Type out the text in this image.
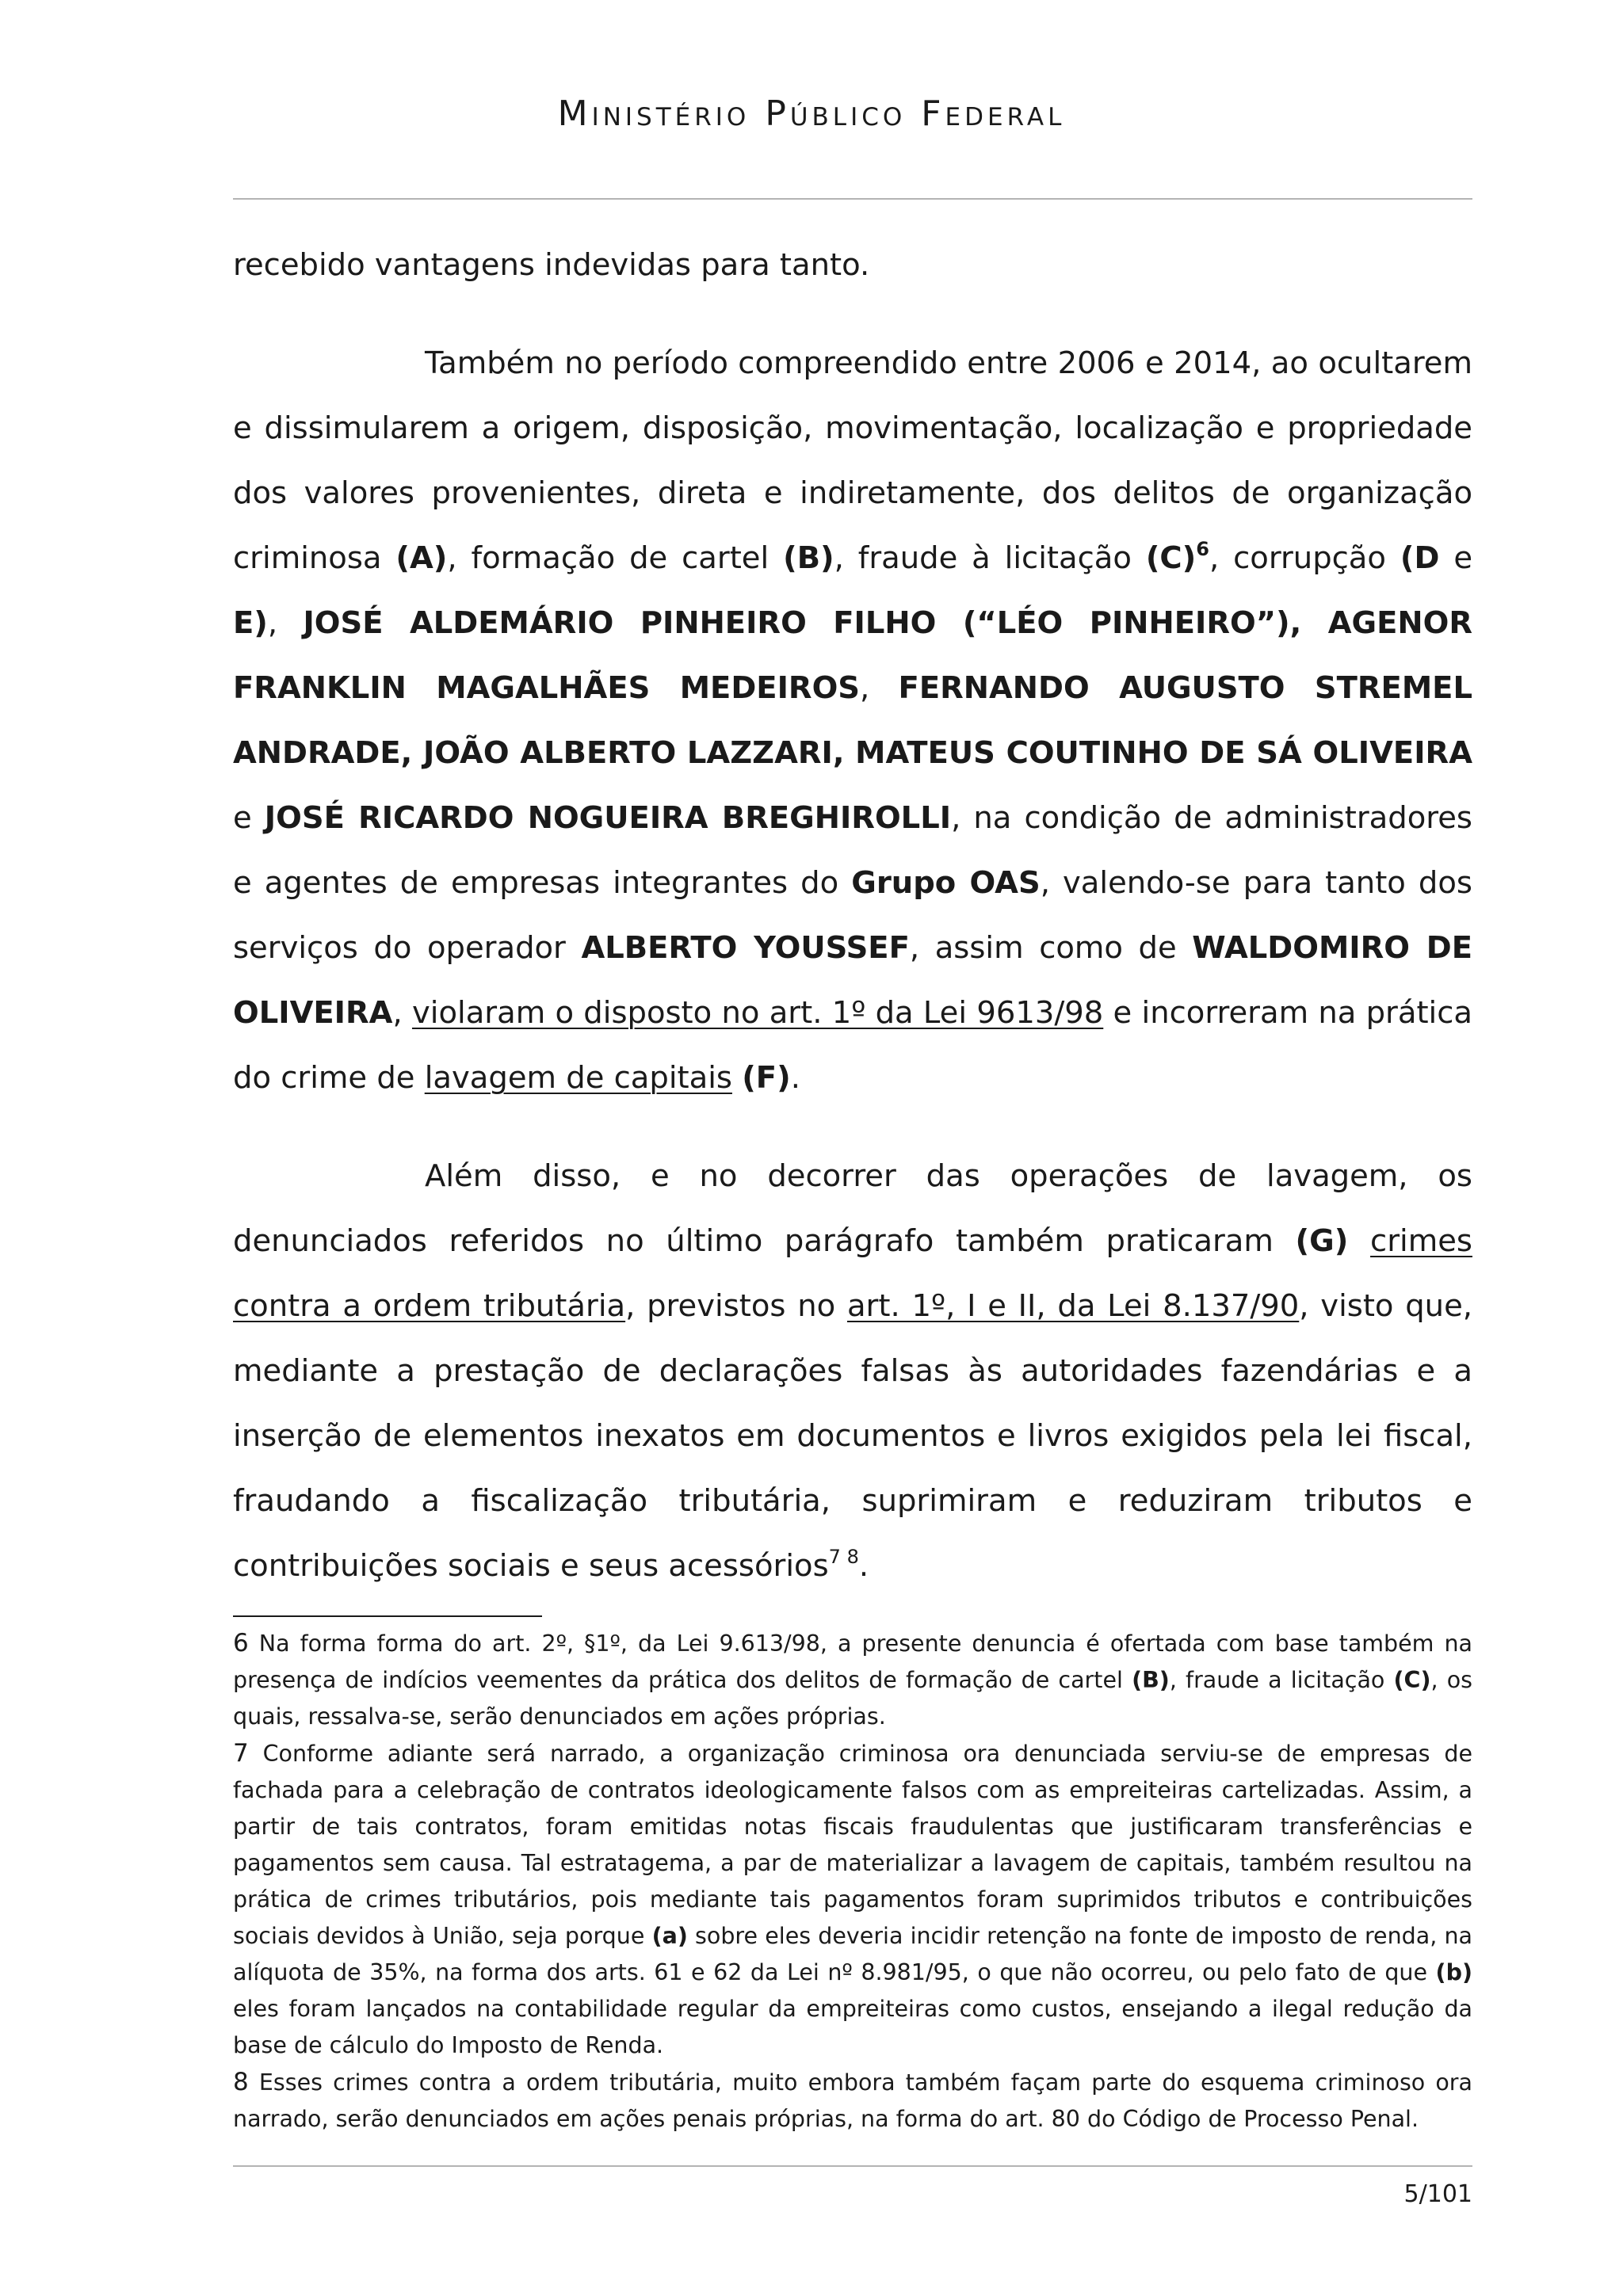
Ministério Público Federal

recebido vantagens indevidas para tanto.

Também no período compreendido entre 2006 e 2014, ao ocultarem e dissimularem a origem, disposição, movimentação, localização e propriedade dos valores provenientes, direta e indiretamente, dos delitos de organização criminosa (A), formação de cartel (B), fraude à licitação $(C)^6$, corrupção (D e E), JOSÉ ALDEMÁRIO PINHEIRO FILHO (“LÉO PINHEIRO”), AGENOR FRANKLIN MAGALHÃES MEDEIROS, FERNANDO AUGUSTO STREMEL ANDRADE, JOÃO ALBERTO LAZZARI, MATEUS COUTINHO DE SÁ OLIVEIRA e JOSÉ RICARDO NOGUEIRA BREGHIROLLI, na condição de administradores e agentes de empresas integrantes do Grupo OAS, valendo-se para tanto dos serviços do operador ALBERTO YOUSSEF, assim como de WALDOMIRO DE OLIVEIRA, violaram o disposto no art. 1º da Lei 9613/98 e incorreram na prática do crime de lavagem de capitais (F).

Além disso, e no decorrer das operações de lavagem, os denunciados referidos no último parágrafo também praticaram (G) crimes contra a ordem tributária, previstos no art. 1º, I e II, da Lei 8.137/90, visto que, mediante a prestação de declarações falsas às autoridades fazendárias e a inserção de elementos inexatos em documentos e livros exigidos pela lei fiscal, fraudando a fiscalização tributária, suprimiram e reduziram tributos e contribuições sociais e seus acessórios$^{7 8}$.

6 Na forma forma do art. 2º, §1º, da Lei 9.613/98, a presente denuncia é ofertada com base também na presença de indícios veementes da prática dos delitos de formação de cartel (B), fraude a licitação (C), os quais, ressalva-se, serão denunciados em ações próprias.

7 Conforme adiante será narrado, a organização criminosa ora denunciada serviu-se de empresas de fachada para a celebração de contratos ideologicamente falsos com as empreiteiras cartelizadas. Assim, a partir de tais contratos, foram emitidas notas fiscais fraudulentas que justificaram transferências e pagamentos sem causa. Tal estratagema, a par de materializar a lavagem de capitais, também resultou na prática de crimes tributários, pois mediante tais pagamentos foram suprimidos tributos e contribuições sociais devidos à União, seja porque (a) sobre eles deveria incidir retenção na fonte de imposto de renda, na alíquota de 35%, na forma dos arts. 61 e 62 da Lei nº 8.981/95, o que não ocorreu, ou pelo fato de que (b) eles foram lançados na contabilidade regular da empreiteiras como custos, ensejando a ilegal redução da base de cálculo do Imposto de Renda.

8 Esses crimes contra a ordem tributária, muito embora também façam parte do esquema criminoso ora narrado, serão denunciados em ações penais próprias, na forma do art. 80 do Código de Processo Penal.

5/101
